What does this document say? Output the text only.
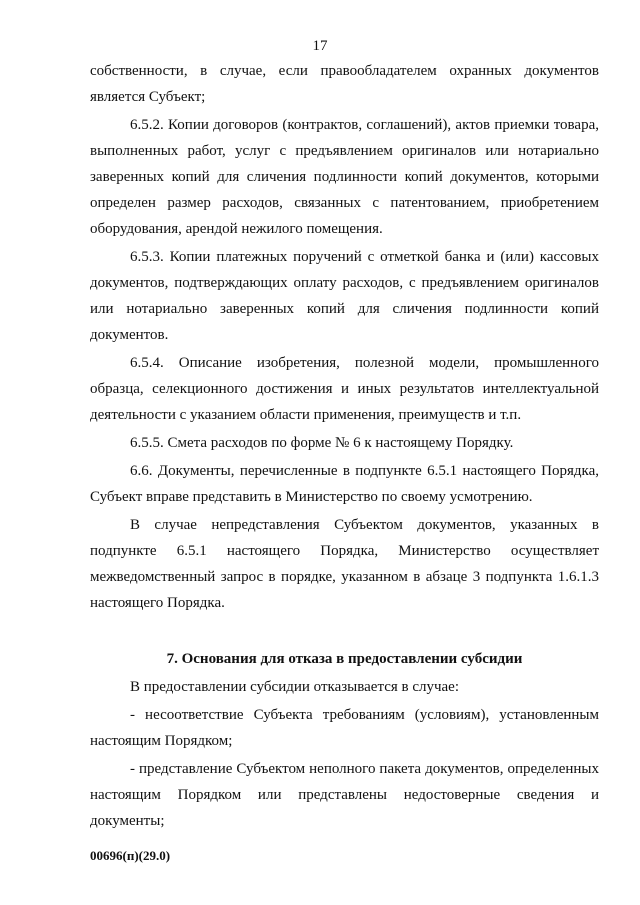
17

собственности, в случае, если правообладателем охранных документов является Субъект;

6.5.2. Копии договоров (контрактов, соглашений), актов приемки товара, выполненных работ, услуг с предъявлением оригиналов или нотариально заверенных копий для сличения подлинности копий документов, которыми определен размер расходов, связанных с патентованием, приобретением оборудования, арендой нежилого помещения.

6.5.3. Копии платежных поручений с отметкой банка и (или) кассовых документов, подтверждающих оплату расходов, с предъявлением оригиналов или нотариально заверенных копий для сличения подлинности копий документов.

6.5.4. Описание изобретения, полезной модели, промышленного образца, селекционного достижения и иных результатов интеллектуальной деятельности с указанием области применения, преимуществ и т.п.

6.5.5. Смета расходов по форме № 6 к настоящему Порядку.

6.6. Документы, перечисленные в подпункте 6.5.1 настоящего Порядка, Субъект вправе представить в Министерство по своему усмотрению.

В случае непредставления Субъектом документов, указанных в подпункте 6.5.1 настоящего Порядка, Министерство осуществляет межведомственный запрос в порядке, указанном в абзаце 3 подпункта 1.6.1.3 настоящего Порядка.

7. Основания для отказа в предоставлении субсидии

В предоставлении субсидии отказывается в случае:

- несоответствие Субъекта требованиям (условиям), установленным настоящим Порядком;

- представление Субъектом неполного пакета документов, определенных настоящим Порядком или представлены недостоверные сведения и документы;

00696(п)(29.0)
